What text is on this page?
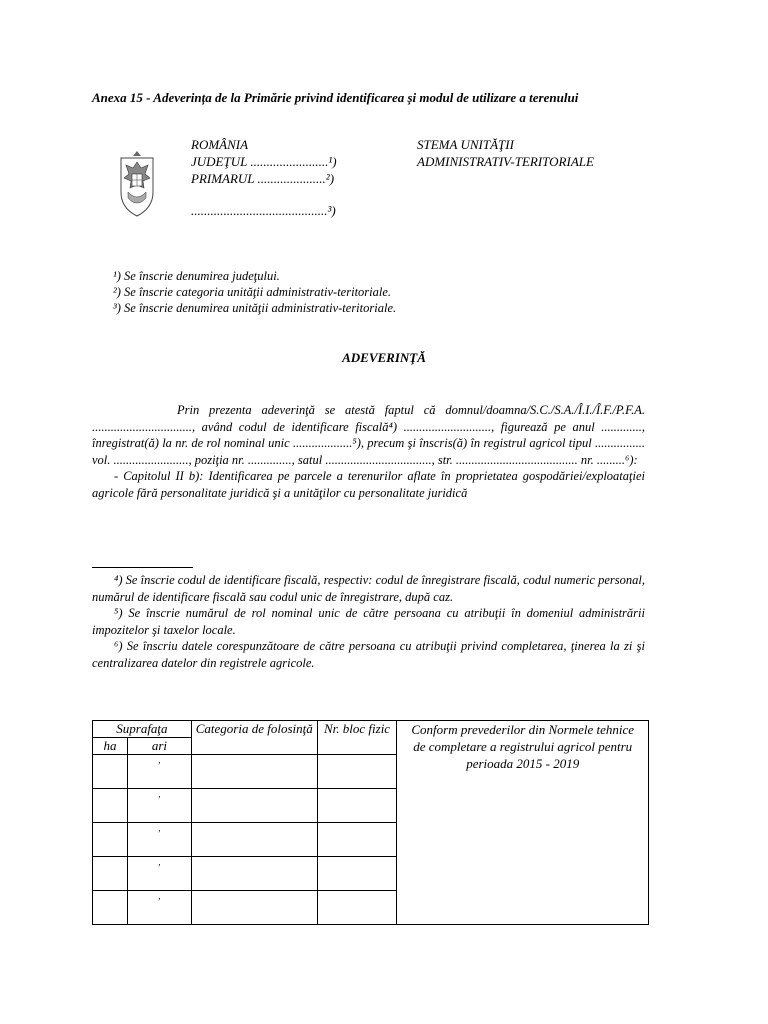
Anexa 15 - Adeverința de la Primărie privind identificarea și modul de utilizare a terenului
ROMÂNIA
JUDEŢUL ........................¹)
PRIMARUL .....................²)
..........................................³)
STEMA UNITĂŢII
ADMINISTRATIV-TERITORIALE
¹) Se înscrie denumirea judeţului.
²) Se înscrie categoria unităţii administrativ-teritoriale.
³) Se înscrie denumirea unităţii administrativ-teritoriale.
ADEVERINŢĂ

Prin prezenta adeverinţă se atestă faptul că domnul/doamna/S.C./S.A./Î.I./Î.F./P.F.A. ................................, având codul de identificare fiscală⁴) ............................, figurează pe anul ............., înregistrat(ă) la nr. de rol nominal unic ...................⁵), precum şi înscris(ă) în registrul agricol tipul ................ vol. ........................, poziţia nr. .............., satul .................................., str. ....................................... nr. .........⁶):

- Capitolul II b): Identificarea pe parcele a terenurilor aflate în proprietatea gospodăriei/exploataţiei agricole fără personalitate juridică şi a unităţilor cu personalitate juridică

⁴) Se înscrie codul de identificare fiscală, respectiv: codul de înregistrare fiscală, codul numeric personal, numărul de identificare fiscală sau codul unic de înregistrare, după caz.

⁵) Se înscrie numărul de rol nominal unic de către persoana cu atribuţii în domeniul administrării impozitelor şi taxelor locale.

⁶) Se înscriu datele corespunzătoare de către persoana cu atribuţii privind completarea, ţinerea la zi şi centralizarea datelor din registrele agricole.

Suprafaţa		Categoria de folosinţă	Nr. bloc fizic	Conform prevederilor din Normele tehnice de completare a registrului agricol pentru perioada 2015 - 2019
ha	ari			
	,			
	,			
	,			
	,			
	,			
